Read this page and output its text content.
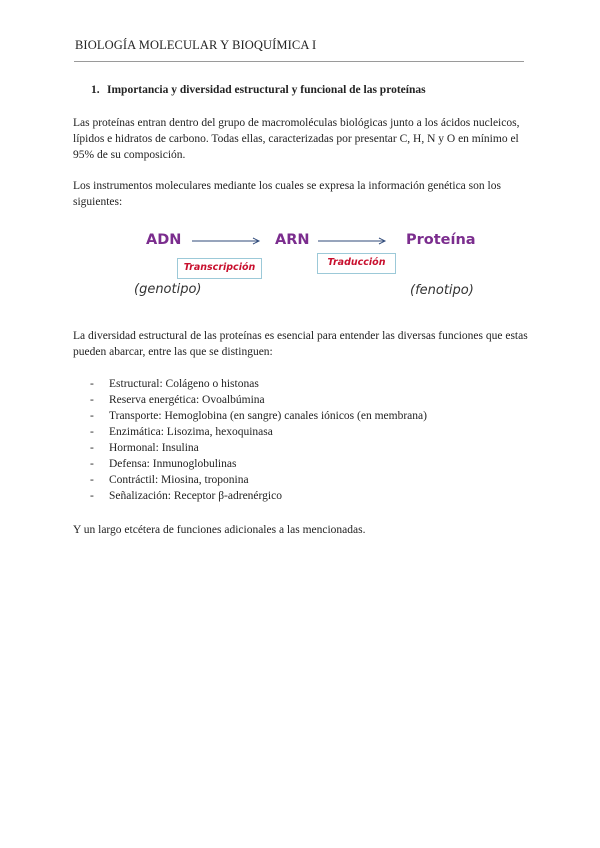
BIOLOGÍA MOLECULAR Y BIOQUÍMICA I
1. Importancia y diversidad estructural y funcional de las proteínas
Las proteínas entran dentro del grupo de macromoléculas biológicas junto a los ácidos nucleicos, lípidos e hidratos de carbono. Todas ellas, caracterizadas por presentar C, H, N y O en mínimo el 95% de su composición.
Los instrumentos moleculares mediante los cuales se expresa la información genética son los siguientes:
ADN	ARN	Proteína
Transcripción	Traducción
(genotipo)	(fenotipo)
La diversidad estructural de las proteínas es esencial para entender las diversas funciones que estas pueden abarcar, entre las que se distinguen:
-	Estructural: Colágeno o histonas
-	Reserva energética: Ovoalbúmina
-	Transporte: Hemoglobina (en sangre) canales iónicos (en membrana)
-	Enzimática: Lisozima, hexoquinasa
-	Hormonal: Insulina
-	Defensa: Inmunoglobulinas
-	Contráctil: Miosina, troponina
-	Señalización: Receptor β-adrenérgico
Y un largo etcétera de funciones adicionales a las mencionadas.
